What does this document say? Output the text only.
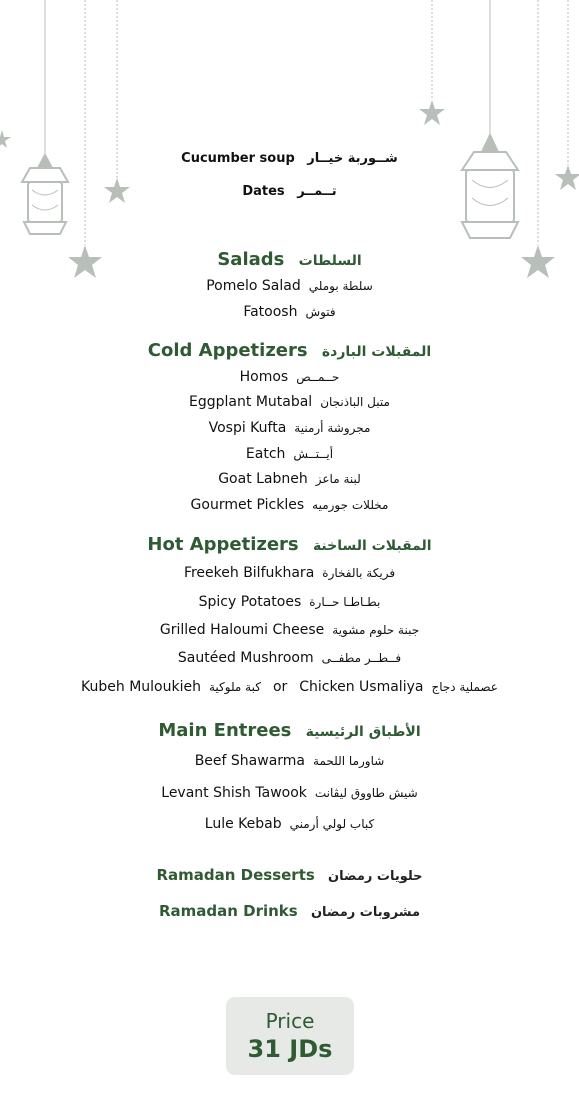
Cucumber soup شــوربة خيــار
Dates تــمــر
Salads السلطات
Pomelo Salad سلطة بوملي
Fatoosh فتوش
Cold Appetizers المقبلات الباردة
Homos حــمــص
Eggplant Mutabal متبل الباذنجان
Vospi Kufta مجروشة أرمنية
Eatch أيــتــش
Goat Labneh لبنة ماعز
Gourmet Pickles مخللات جورميه
Hot Appetizers المقبلات الساخنة
Freekeh Bilfukhara فريكة بالفخارة
Spicy Potatoes بطـاطـا حــارة
Grilled Haloumi Cheese جبنة حلوم مشوية
Sautéed Mushroom فــطــر مطفــى
Kubeh Muloukieh كبة ملوكية or Chicken Usmaliya عصملية دجاج
Main Entrees الأطباق الرئيسية
Beef Shawarma شاورما اللحمة
Levant Shish Tawook شيش طاووق ليڤانت
Lule Kebab كباب لولي أرمني
Ramadan Desserts حلويات رمضان
Ramadan Drinks مشروبات رمضان
Price
31 JDs
